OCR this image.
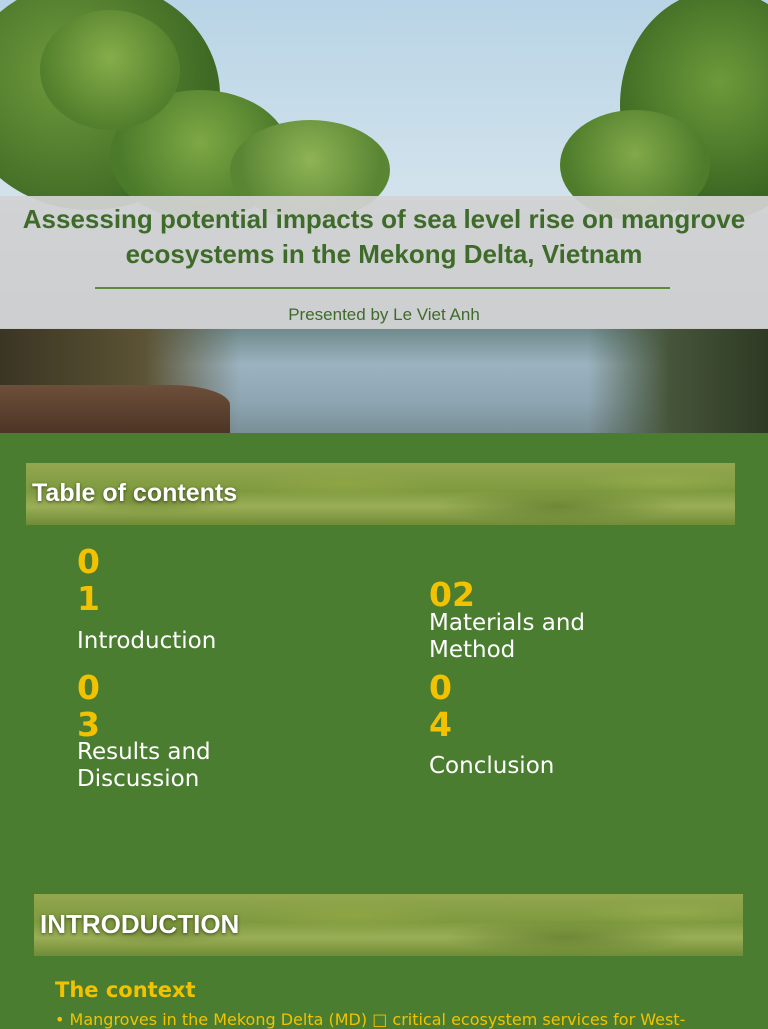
Assessing potential impacts of sea level rise on mangrove ecosystems in the Mekong Delta, Vietnam
Presented by Le Viet Anh
Table of contents
0
1
Introduction
02
Materials and Method
0
3
Results and Discussion
0
4
Conclusion
INTRODUCTION
The context
• Mangroves in the Mekong Delta (MD) □ critical ecosystem services for West-
